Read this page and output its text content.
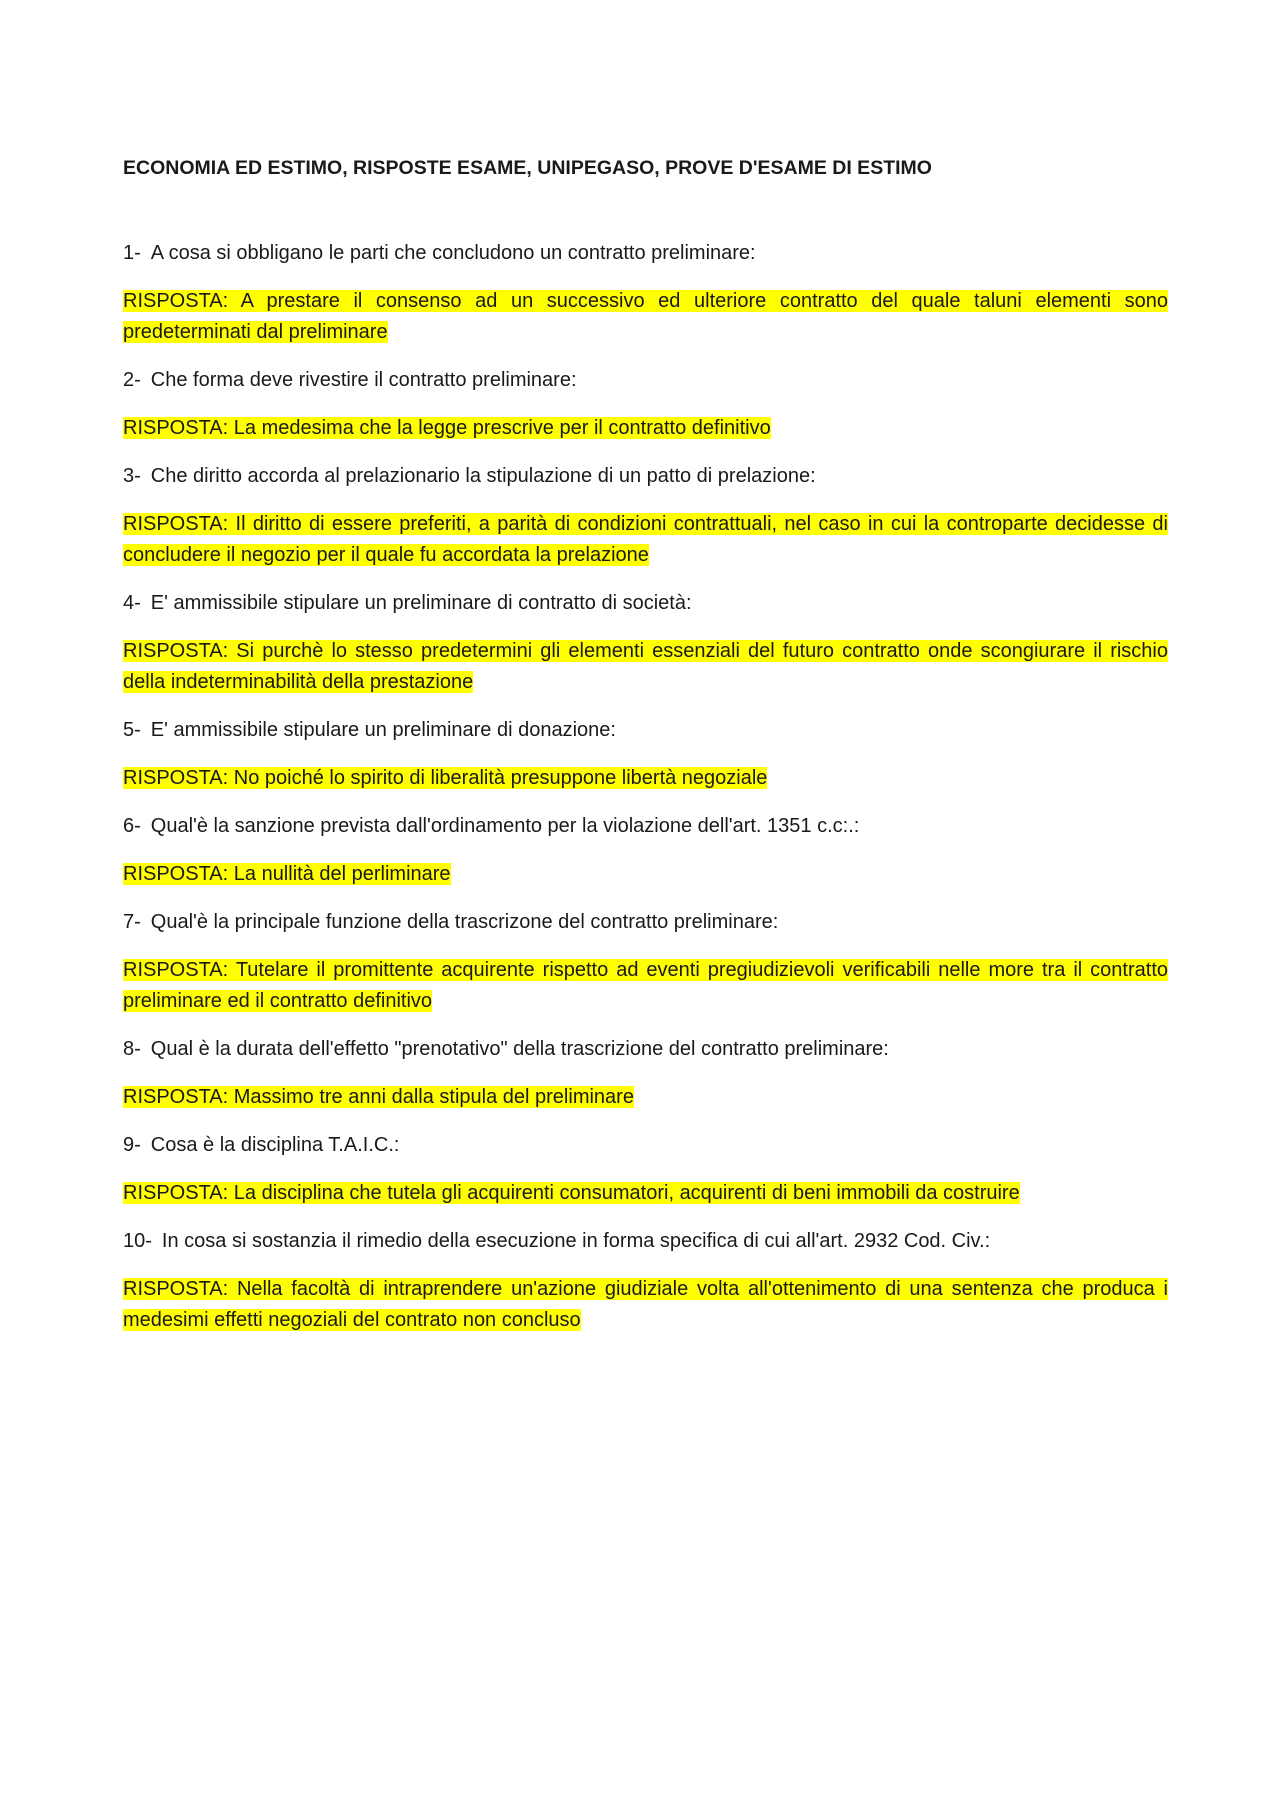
ECONOMIA ED ESTIMO, RISPOSTE ESAME, UNIPEGASO, PROVE D'ESAME DI ESTIMO
1- A cosa si obbligano le parti che concludono un contratto preliminare:

RISPOSTA: A prestare il consenso ad un successivo ed ulteriore contratto del quale taluni elementi sono predeterminati dal preliminare

2- Che forma deve rivestire il contratto preliminare:

RISPOSTA: La medesima che la legge prescrive per il contratto definitivo

3- Che diritto accorda al prelazionario la stipulazione di un patto di prelazione:

RISPOSTA: Il diritto di essere preferiti, a parità di condizioni contrattuali, nel caso in cui la controparte decidesse di concludere il negozio per il quale fu accordata la prelazione

4- E' ammissibile stipulare un preliminare di contratto di società:

RISPOSTA: Si purchè lo stesso predetermini gli elementi essenziali del futuro contratto onde scongiurare il rischio della indeterminabilità della prestazione

5- E' ammissibile stipulare un preliminare di donazione:

RISPOSTA: No poiché lo spirito di liberalità presuppone libertà negoziale

6- Qual'è la sanzione prevista dall'ordinamento per la violazione dell'art. 1351 c.c:.:

RISPOSTA: La nullità del perliminare

7- Qual'è la principale funzione della trascrizone del contratto preliminare:

RISPOSTA: Tutelare il promittente acquirente rispetto ad eventi pregiudizievoli verificabili nelle more tra il contratto preliminare ed il contratto definitivo

8- Qual è la durata dell'effetto "prenotativo" della trascrizione del contratto preliminare:

RISPOSTA: Massimo tre anni dalla stipula del preliminare

9- Cosa è la disciplina T.A.I.C.:

RISPOSTA: La disciplina che tutela gli acquirenti consumatori, acquirenti di beni immobili da costruire

10- In cosa si sostanzia il rimedio della esecuzione in forma specifica di cui all'art. 2932 Cod. Civ.:

RISPOSTA: Nella facoltà di intraprendere un'azione giudiziale volta all'ottenimento di una sentenza che produca i medesimi effetti negoziali del contrato non concluso
